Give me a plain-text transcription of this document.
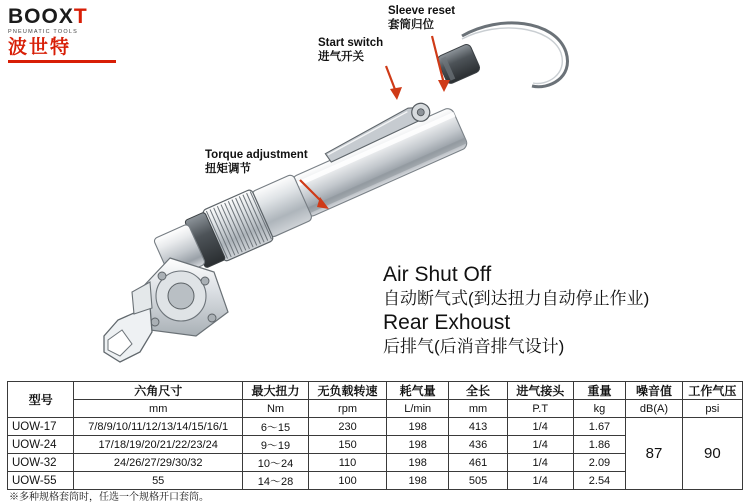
BOOXT
PNEUMATIC TOOLS
波世特
Sleeve reset
套筒归位
Start switch
进气开关
Torque adjustment
扭矩调节
Air Shut Off
自动断气式(到达扭力自动停止作业)
Rear Exhoust
后排气(后消音排气设计)
型号	六角尺寸	最大扭力	无负载转速	耗气量	全长	进气接头	重量	噪音值	工作气压
	mm	Nm	rpm	L/min	mm	P.T	kg	dB(A)	psi
UOW-17	7/8/9/10/11/12/13/14/15/16/1	6～15	230	198	413	1/4	1.67	87	90
UOW-24	17/18/19/20/21/22/23/24	9～19	150	198	436	1/4	1.86		
UOW-32	24/26/27/29/30/32	10～24	110	198	461	1/4	2.09		
UOW-55	55	14～28	100	198	505	1/4	2.54		
※多种规格套筒时，任选一个规格开口套筒。
